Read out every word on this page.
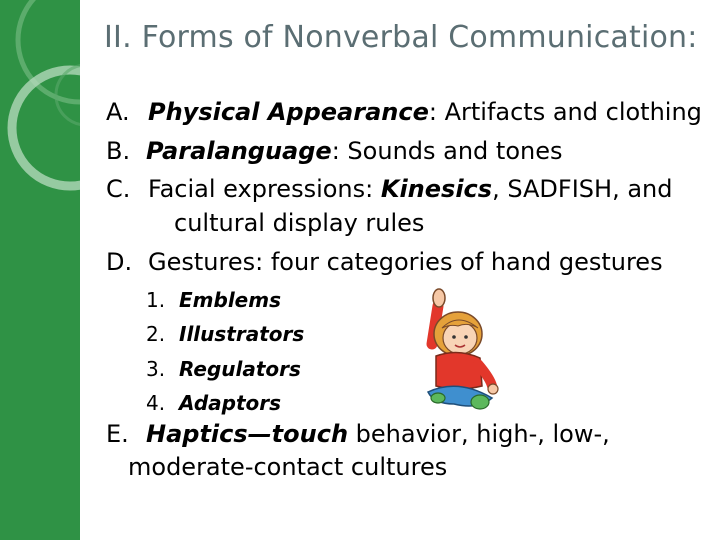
II. Forms of Nonverbal Communication:
A. Physical Appearance: Artifacts and clothing
B. Paralanguage: Sounds and tones
C. Facial expressions: Kinesics, SADFISH, and
cultural display rules
D. Gestures: four categories of hand gestures
1. Emblems
2. Illustrators
3. Regulators
4. Adaptors
E. Haptics—touch behavior, high-, low-,
moderate-contact cultures
